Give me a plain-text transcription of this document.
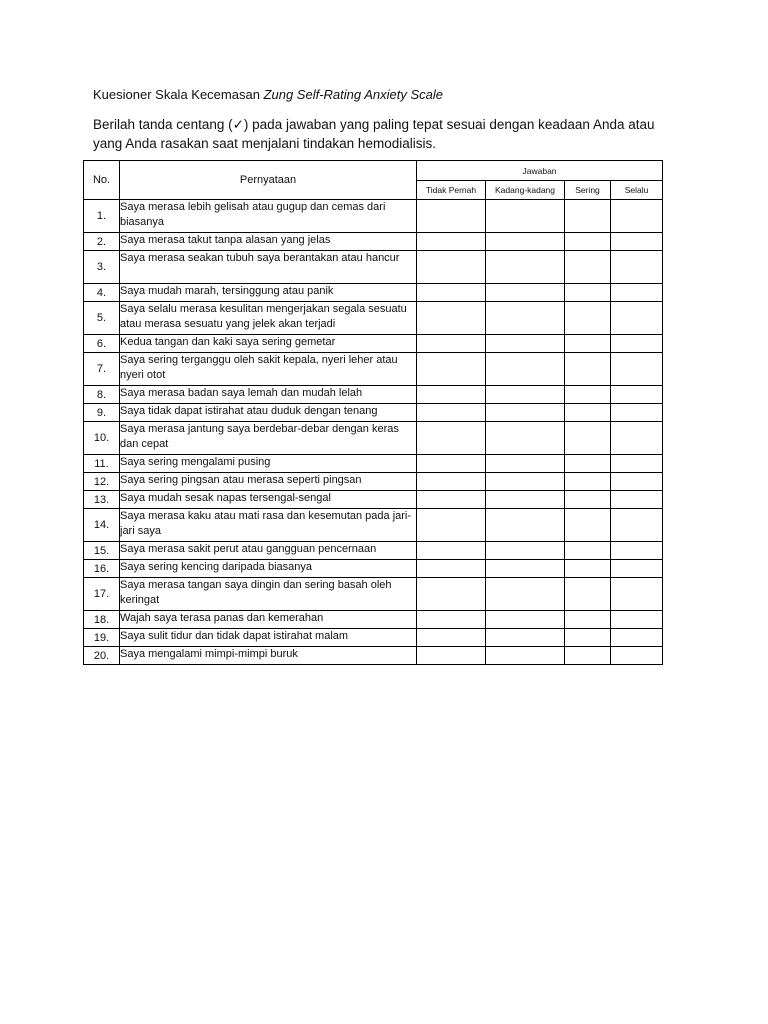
Kuesioner Skala Kecemasan Zung Self-Rating Anxiety Scale
Berilah tanda centang (✓) pada jawaban yang paling tepat sesuai dengan keadaan Anda atau yang Anda rasakan saat menjalani tindakan hemodialisis.
No.	Pernyataan	Jawaban			
		Tidak Pernah	Kadang-kadang	Sering	Selalu
1.	Saya merasa lebih gelisah atau gugup dan cemas dari biasanya				
2.	Saya merasa takut tanpa alasan yang jelas				
3.	Saya merasa seakan tubuh saya berantakan atau hancur				
4.	Saya mudah marah, tersinggung atau panik				
5.	Saya selalu merasa kesulitan mengerjakan segala sesuatu atau merasa sesuatu yang jelek akan terjadi				
6.	Kedua tangan dan kaki saya sering gemetar				
7.	Saya sering terganggu oleh sakit kepala, nyeri leher atau nyeri otot				
8.	Saya merasa badan saya lemah dan mudah lelah				
9.	Saya tidak dapat istirahat atau duduk dengan tenang				
10.	Saya merasa jantung saya berdebar-debar dengan keras dan cepat				
11.	Saya sering mengalami pusing				
12.	Saya sering pingsan atau merasa seperti pingsan				
13.	Saya mudah sesak napas tersengal-sengal				
14.	Saya merasa kaku atau mati rasa dan kesemutan pada jari-jari saya				
15.	Saya merasa sakit perut atau gangguan pencernaan				
16.	Saya sering kencing daripada biasanya				
17.	Saya merasa tangan saya dingin dan sering basah oleh keringat				
18.	Wajah saya terasa panas dan kemerahan				
19.	Saya sulit tidur dan tidak dapat istirahat malam				
20.	Saya mengalami mimpi-mimpi buruk				
